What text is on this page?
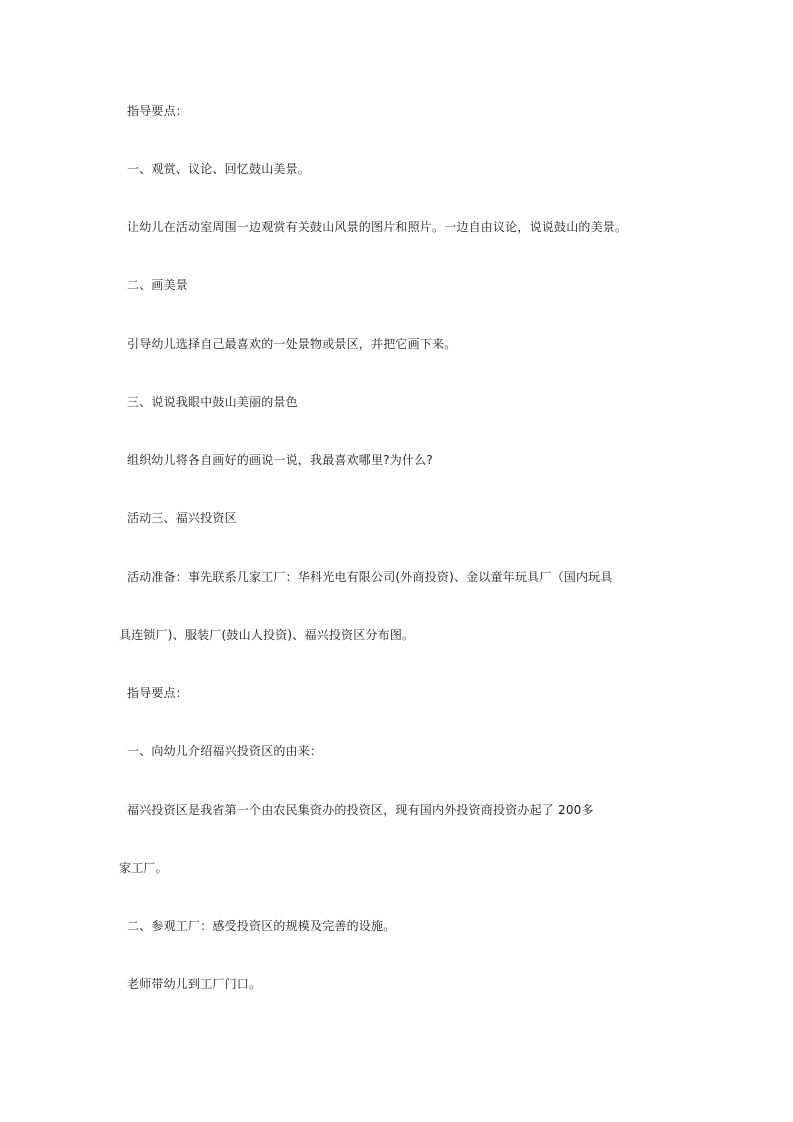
指导要点：
一、观赏、议论、回忆鼓山美景。
让幼儿在活动室周围一边观赏有关鼓山风景的图片和照片。一边自由议论，说说鼓山的美景。
二、画美景
引导幼儿选择自己最喜欢的一处景物或景区，并把它画下来。
三、说说我眼中鼓山美丽的景色
组织幼儿将各自画好的画说一说，我最喜欢哪里?为什么?
活动三、福兴投资区
活动准备：事先联系几家工厂：华科光电有限公司(外商投资)、金以童年玩具厂（国内玩具
具连锁厂)、服装厂(鼓山人投资)、福兴投资区分布图。
指导要点：
一、向幼儿介绍福兴投资区的由来：
福兴投资区是我省第一个由农民集资办的投资区，现有国内外投资商投资办起了 200多
家工厂。
二、参观工厂：感受投资区的规模及完善的设施。
老师带幼儿到工厂门口。
